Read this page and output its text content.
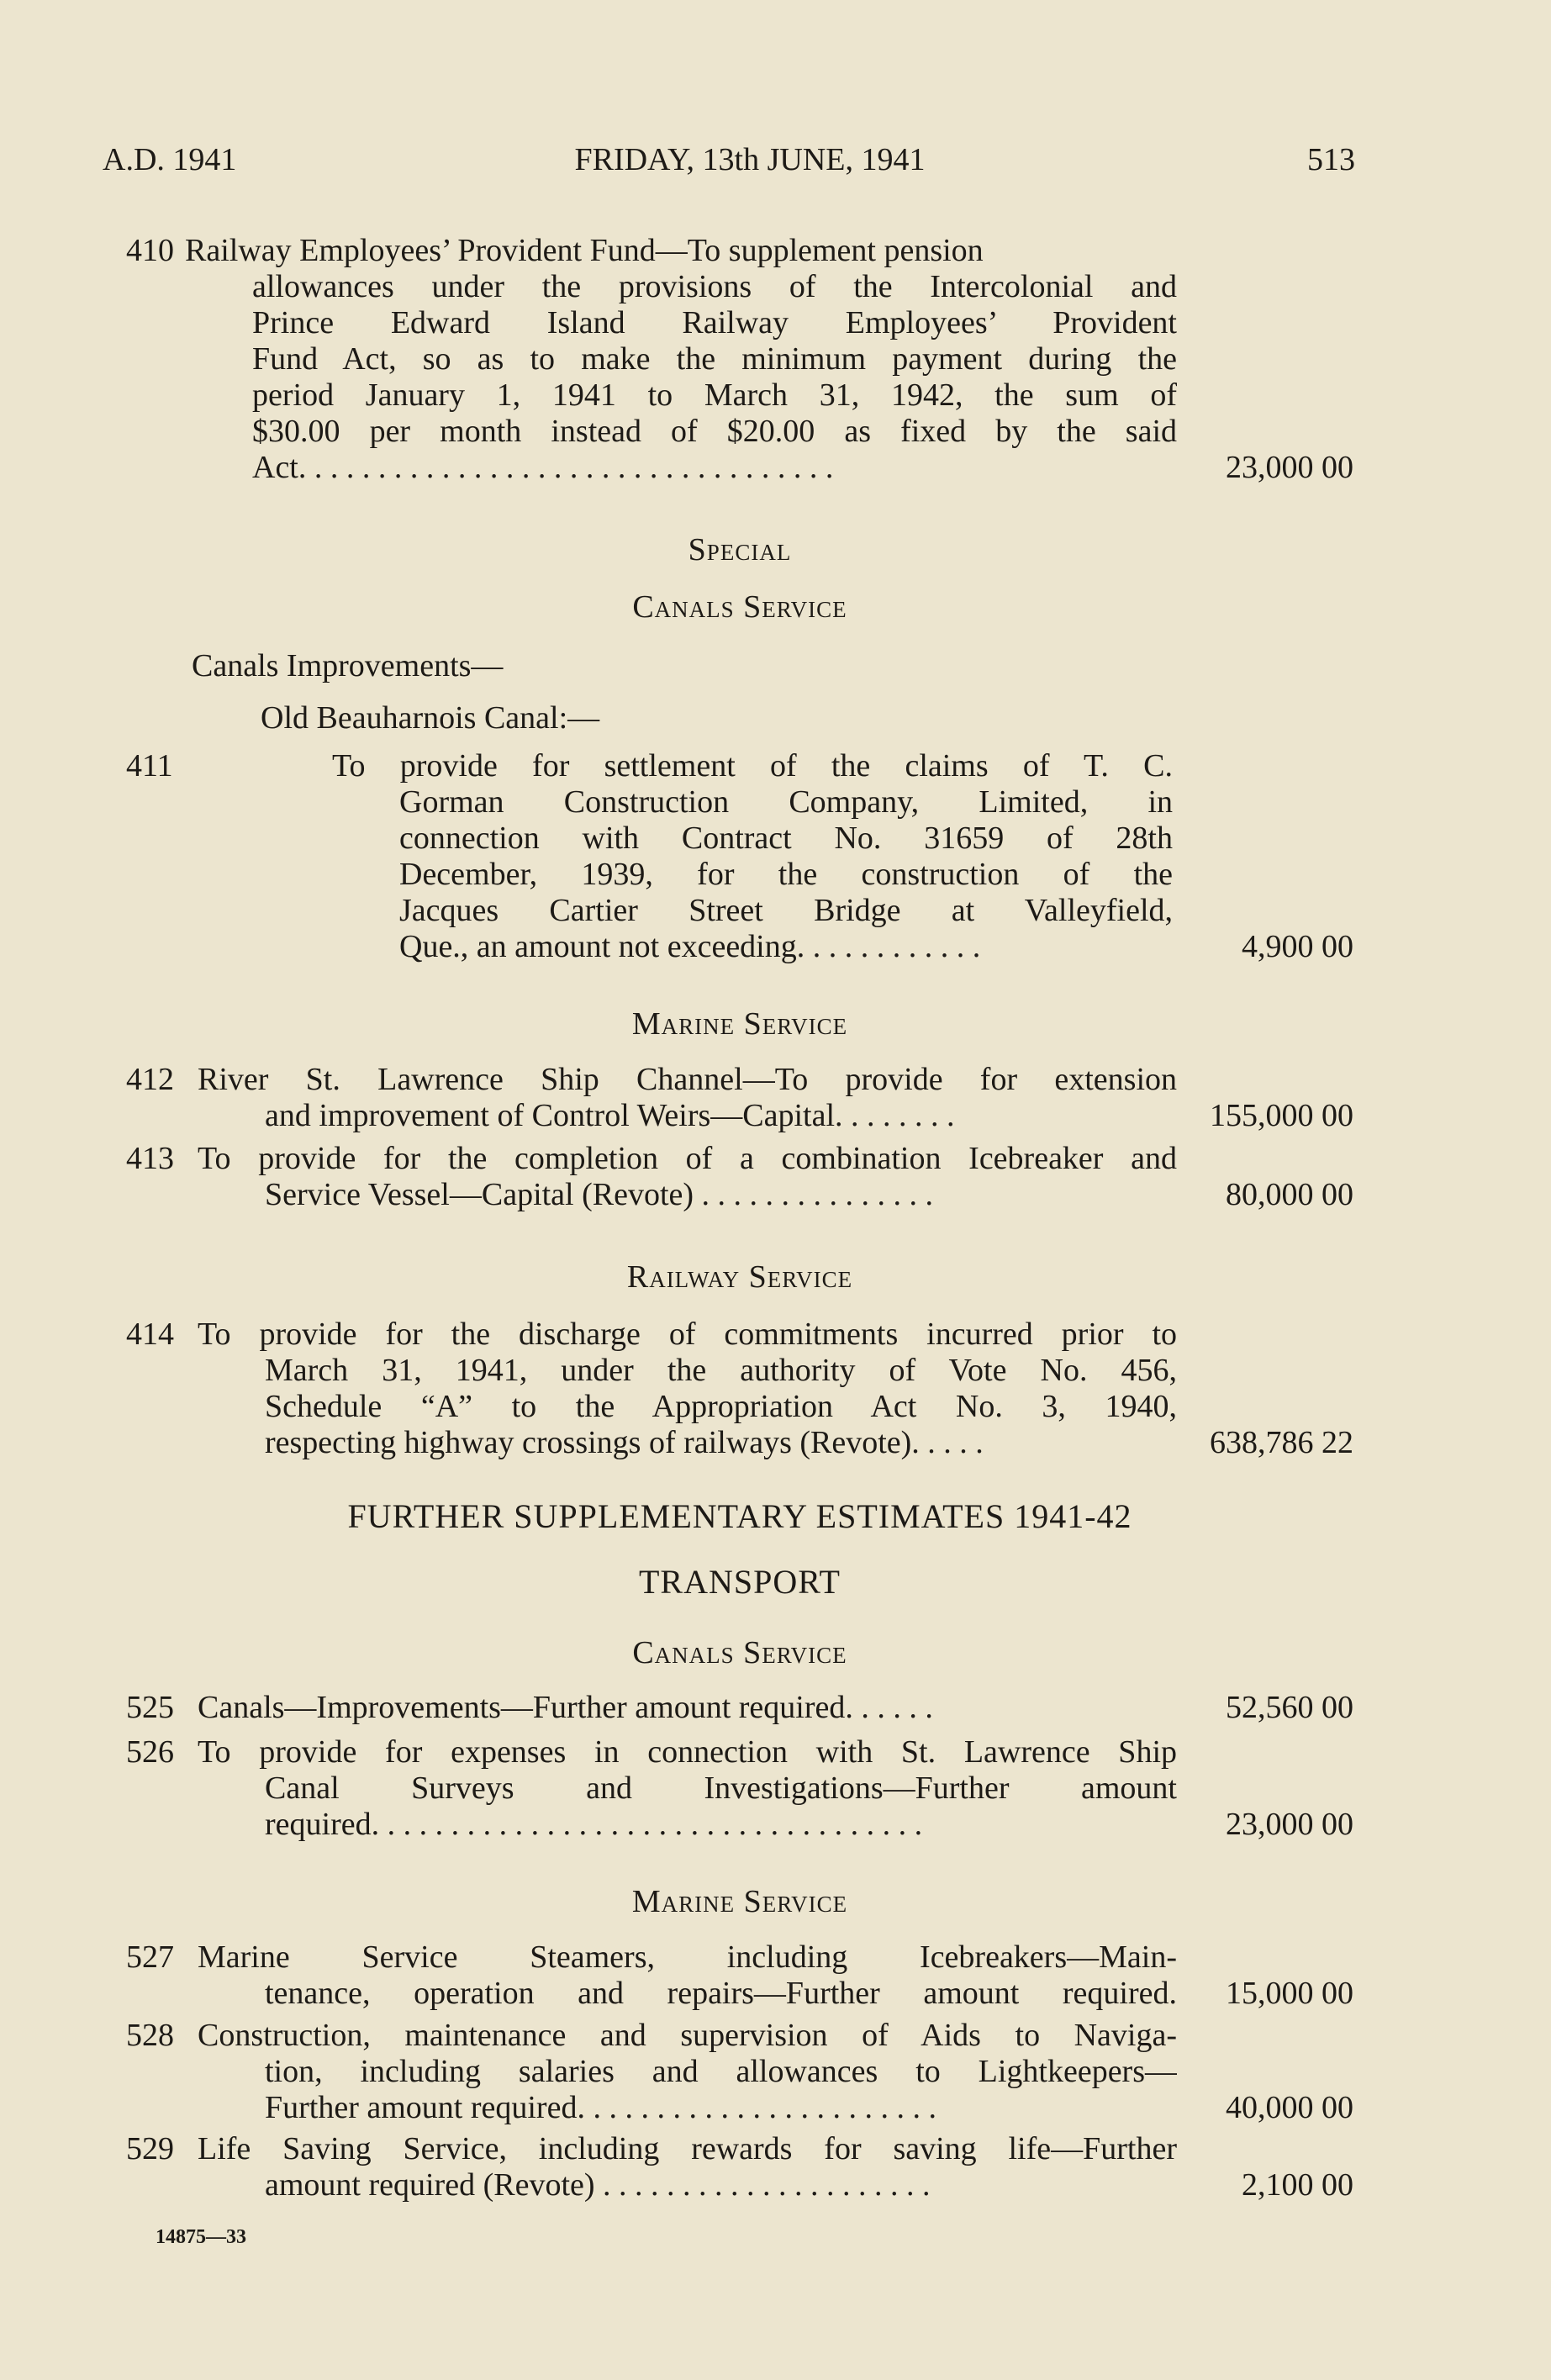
A.D. 1941	FRIDAY, 13th JUNE, 1941	513
410 Railway Employees’ Provident Fund—To supplement pension
allowances under the provisions of the Intercolonial and
Prince Edward Island Railway Employees’ Provident
Fund Act, so as to make the minimum payment during the
period January 1, 1941 to March 31, 1942, the sum of
$30.00 per month instead of $20.00 as fixed by the said
Act. . . . . . . . . . . . . . . . . . . . . . . . . . . . . . . . . .	23,000 00
Special
Canals Service
Canals Improvements—
Old Beauharnois Canal:—
411	To provide for settlement of the claims of T. C.
Gorman Construction Company, Limited, in
connection with Contract No. 31659 of 28th
December, 1939, for the construction of the
Jacques Cartier Street Bridge at Valleyfield,
Que., an amount not exceeding. . . . . . . . . . . .	4,900 00
Marine Service
412 River St. Lawrence Ship Channel—To provide for extension
and improvement of Control Weirs—Capital. . . . . . . .	155,000 00
413 To provide for the completion of a combination Icebreaker and
Service Vessel—Capital (Revote) . . . . . . . . . . . . . . .	80,000 00
Railway Service
414 To provide for the discharge of commitments incurred prior to
March 31, 1941, under the authority of Vote No. 456,
Schedule “A” to the Appropriation Act No. 3, 1940,
respecting highway crossings of railways (Revote). . . . .	638,786 22
FURTHER SUPPLEMENTARY ESTIMATES 1941-42
TRANSPORT
Canals Service
525 Canals—Improvements—Further amount required. . . . . .	52,560 00
526 To provide for expenses in connection with St. Lawrence Ship
Canal Surveys and Investigations—Further amount
required. . . . . . . . . . . . . . . . . . . . . . . . . . . . . . . . . . .	23,000 00
Marine Service
527 Marine Service Steamers, including Icebreakers—Main-
tenance, operation and repairs—Further amount required.	15,000 00
528 Construction, maintenance and supervision of Aids to Naviga-
tion, including salaries and allowances to Lightkeepers—
Further amount required. . . . . . . . . . . . . . . . . . . . . . .	40,000 00
529 Life Saving Service, including rewards for saving life—Further
amount required (Revote) . . . . . . . . . . . . . . . . . . . . .	2,100 00
14875—33
